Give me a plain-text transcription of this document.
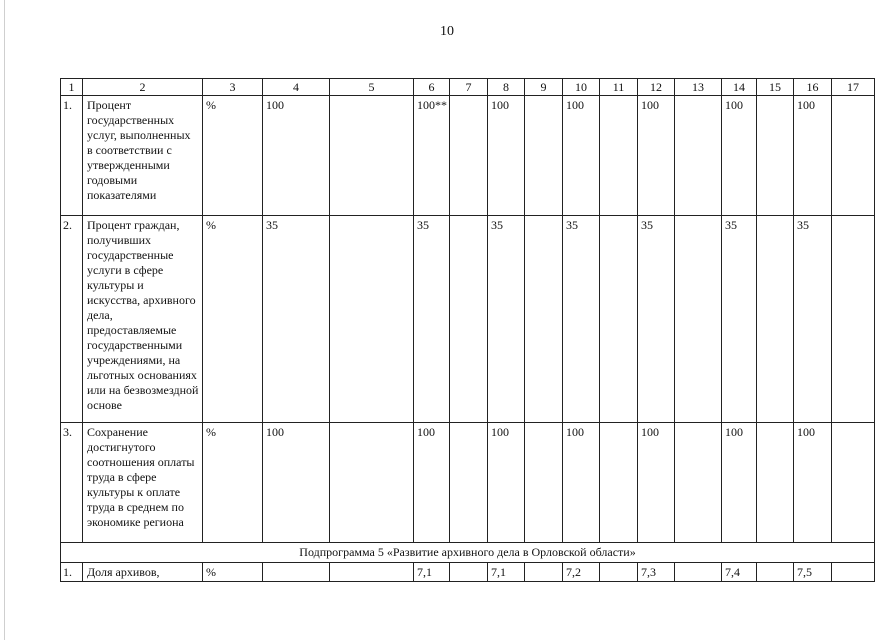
10
1	2	3	4	5	6	7	8	9	10	11	12	13	14	15	16	17
1.	Процент государственных услуг, выполненных в соответствии с утвержденными годовыми показателями	%	100		100**		100		100		100		100		100	
2.	Процент граждан, получивших государственные услуги в сфере культуры и искусства, архивного дела, предоставляемые государственными учреждениями, на льготных основаниях или на безвозмездной основе	%	35		35		35		35		35		35		35	
3.	Сохранение достигнутого соотношения оплаты труда в сфере культуры к оплате труда в среднем по экономике региона	%	100		100		100		100		100		100		100	
Подпрограмма 5 «Развитие архивного дела в Орловской области»																
1.	Доля архивов,	%			7,1		7,1		7,2		7,3		7,4		7,5	
